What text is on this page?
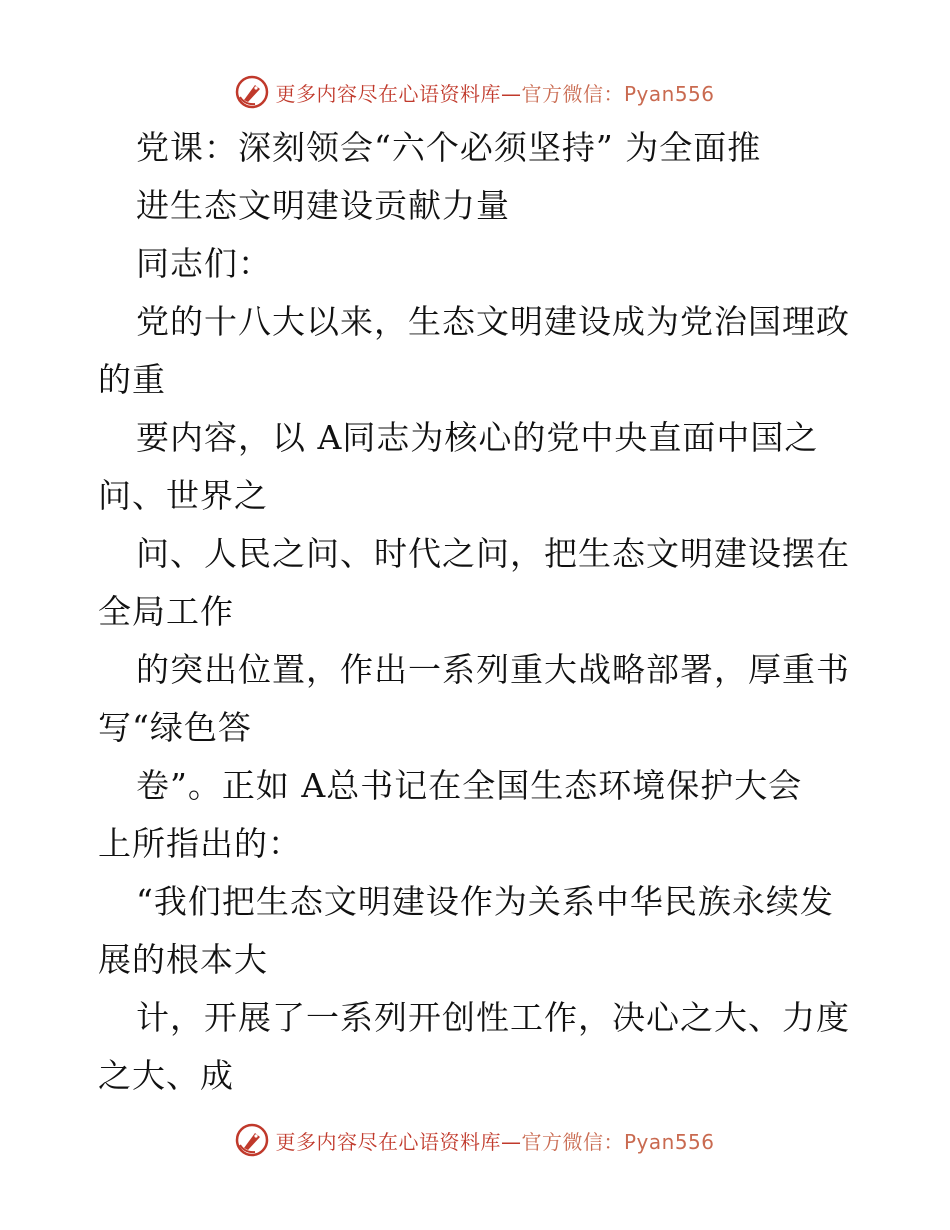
更多内容尽在心语资料库—官方微信：Pyan556
党课：深刻领会“六个必须坚持” 为全面推
进生态文明建设贡献力量
同志们：
党的十八大以来，生态文明建设成为党治国理政
的重
要内容，以 A同志为核心的党中央直面中国之
问、世界之
问、人民之问、时代之问，把生态文明建设摆在
全局工作
的突出位置，作出一系列重大战略部署，厚重书
写“绿色答
卷”。正如 A总书记在全国生态环境保护大会
上所指出的：
“我们把生态文明建设作为关系中华民族永续发
展的根本大
计，开展了一系列开创性工作，决心之大、力度
之大、成
更多内容尽在心语资料库—官方微信：Pyan556
